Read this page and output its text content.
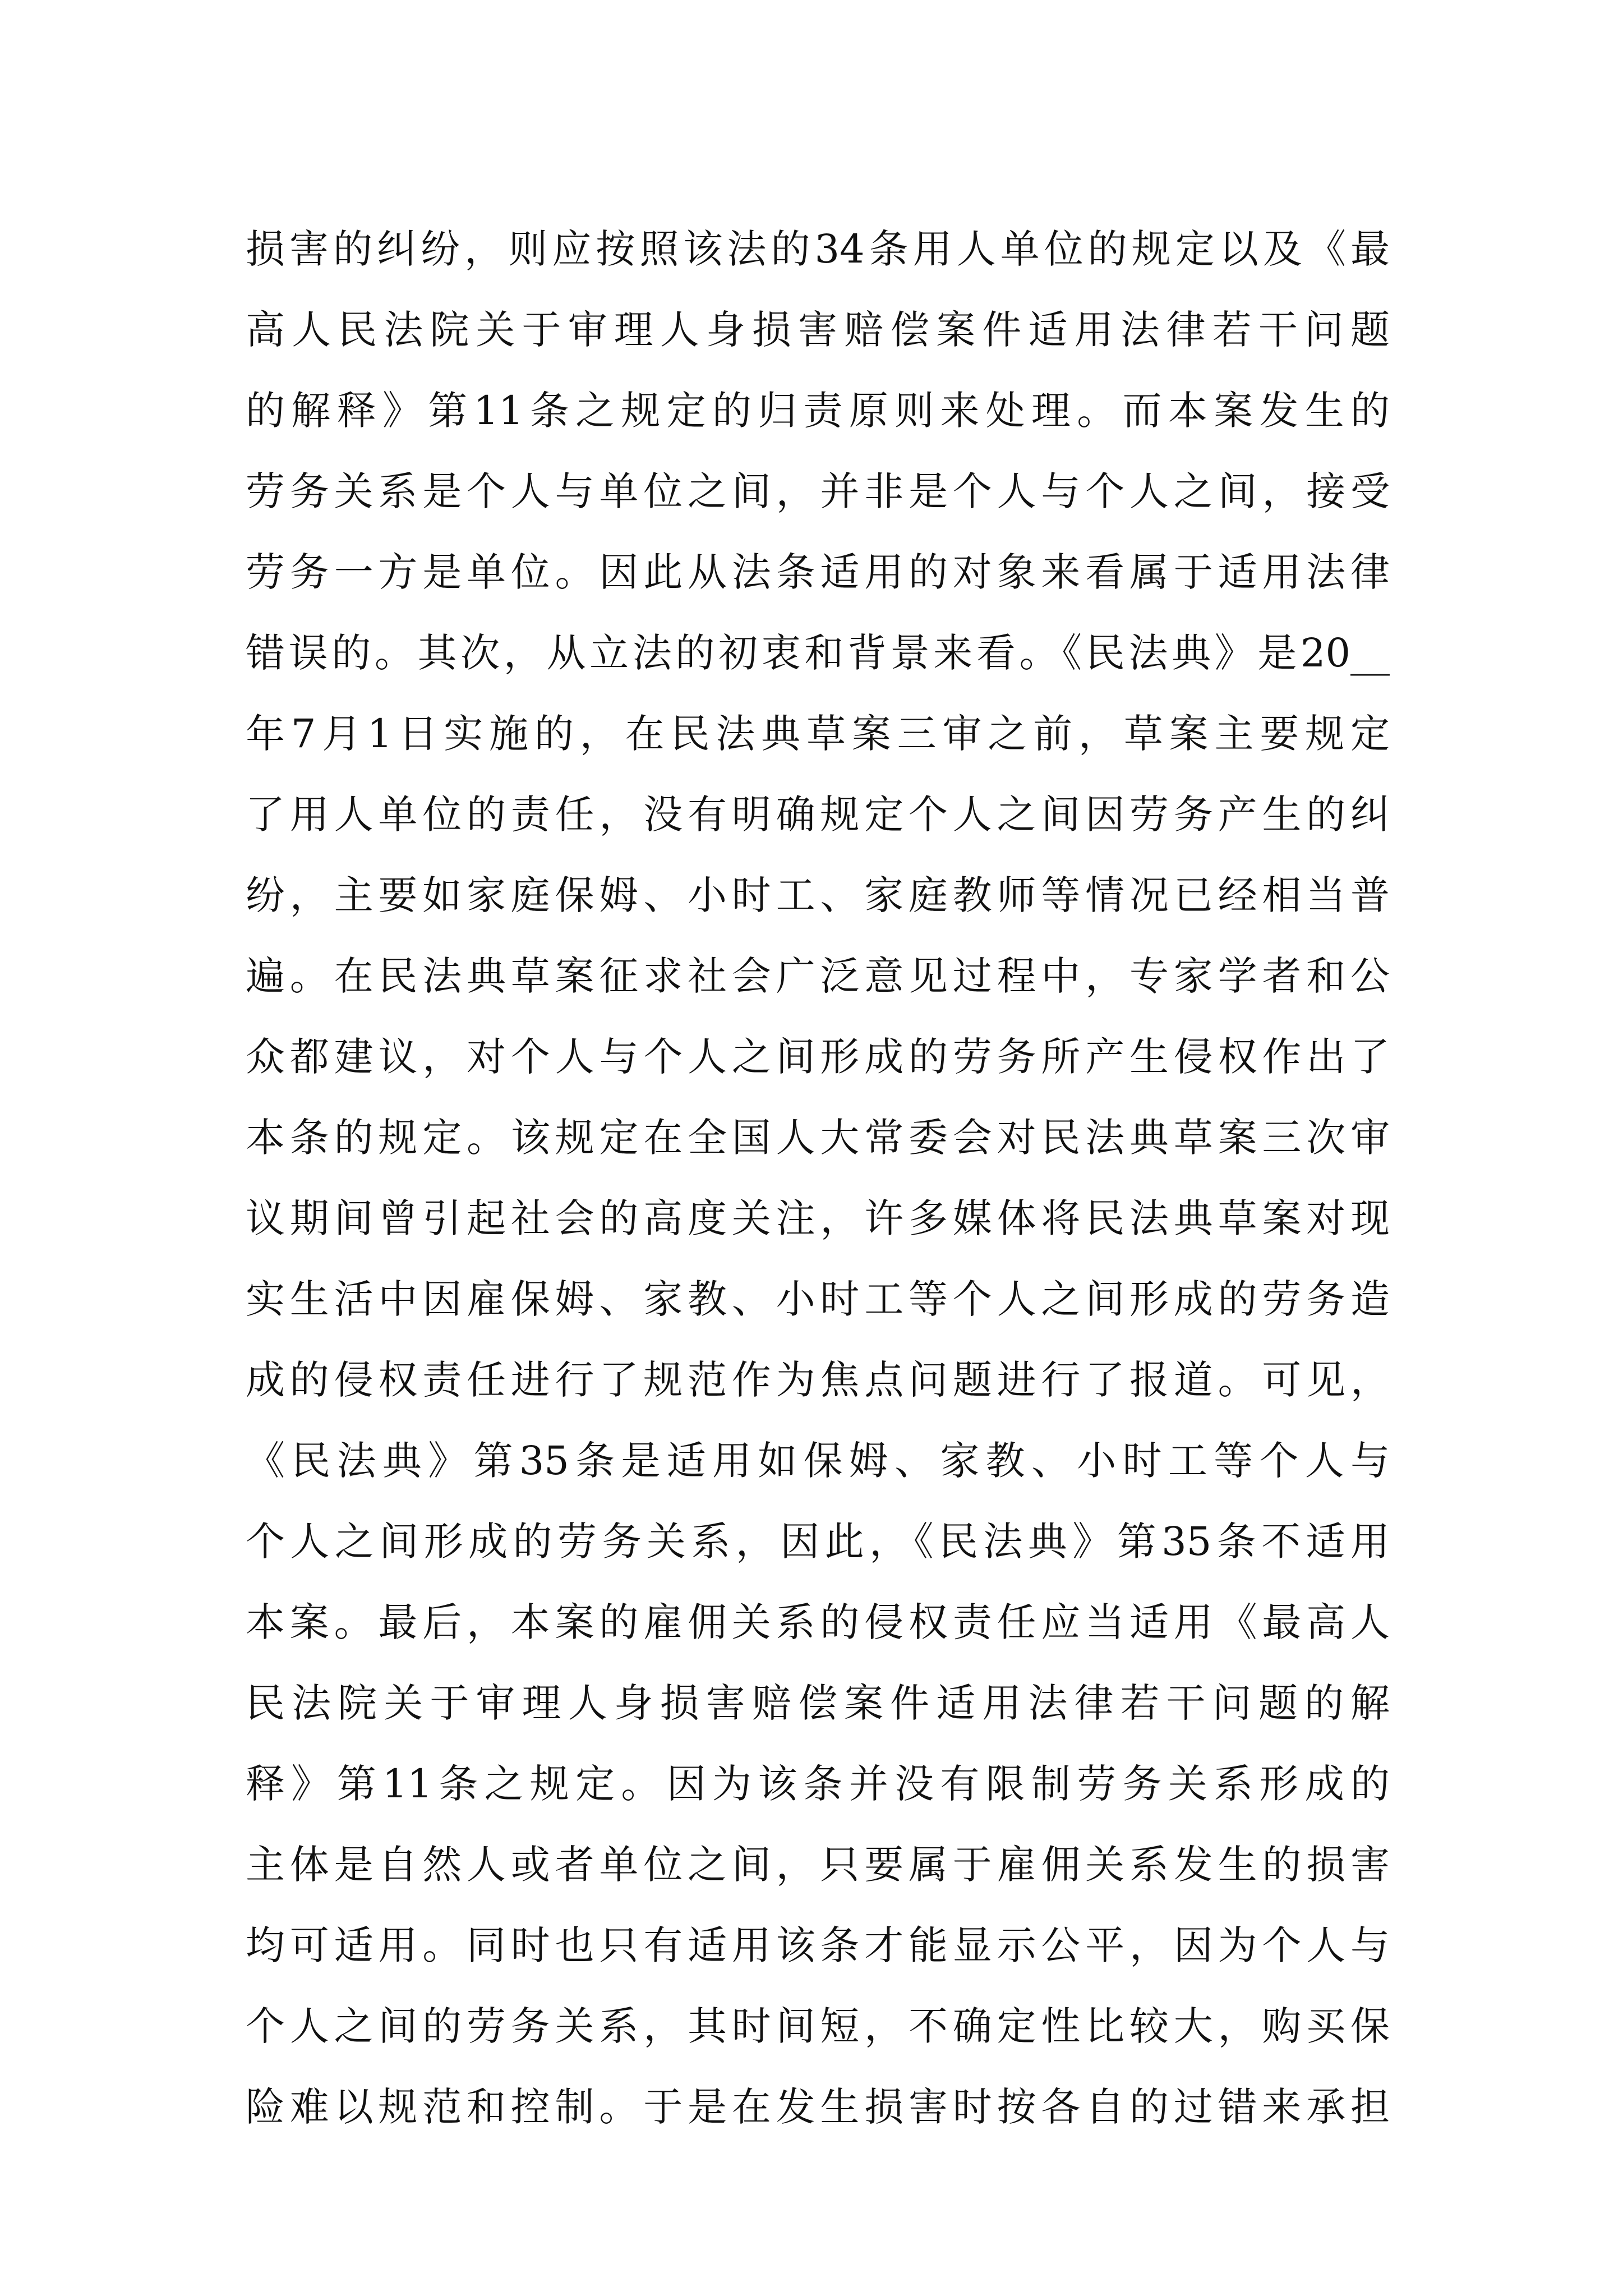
损害的纠纷，则应按照该法的34条用人单位的规定以及《最
高人民法院关于审理人身损害赔偿案件适用法律若干问题
的解释》第11条之规定的归责原则来处理。而本案发生的
劳务关系是个人与单位之间，并非是个人与个人之间，接受
劳务一方是单位。因此从法条适用的对象来看属于适用法律
错误的。其次，从立法的初衷和背景来看。《民法典》是20__
年7月1日实施的，在民法典草案三审之前，草案主要规定
了用人单位的责任，没有明确规定个人之间因劳务产生的纠
纷，主要如家庭保姆、小时工、家庭教师等情况已经相当普
遍。在民法典草案征求社会广泛意见过程中，专家学者和公
众都建议，对个人与个人之间形成的劳务所产生侵权作出了
本条的规定。该规定在全国人大常委会对民法典草案三次审
议期间曾引起社会的高度关注，许多媒体将民法典草案对现
实生活中因雇保姆、家教、小时工等个人之间形成的劳务造
成的侵权责任进行了规范作为焦点问题进行了报道。可见，
《民法典》第35条是适用如保姆、家教、小时工等个人与
个人之间形成的劳务关系，因此，《民法典》第35条不适用
本案。最后，本案的雇佣关系的侵权责任应当适用《最高人
民法院关于审理人身损害赔偿案件适用法律若干问题的解
释》第11条之规定。因为该条并没有限制劳务关系形成的
主体是自然人或者单位之间，只要属于雇佣关系发生的损害
均可适用。同时也只有适用该条才能显示公平，因为个人与
个人之间的劳务关系，其时间短，不确定性比较大，购买保
险难以规范和控制。于是在发生损害时按各自的过错来承担
